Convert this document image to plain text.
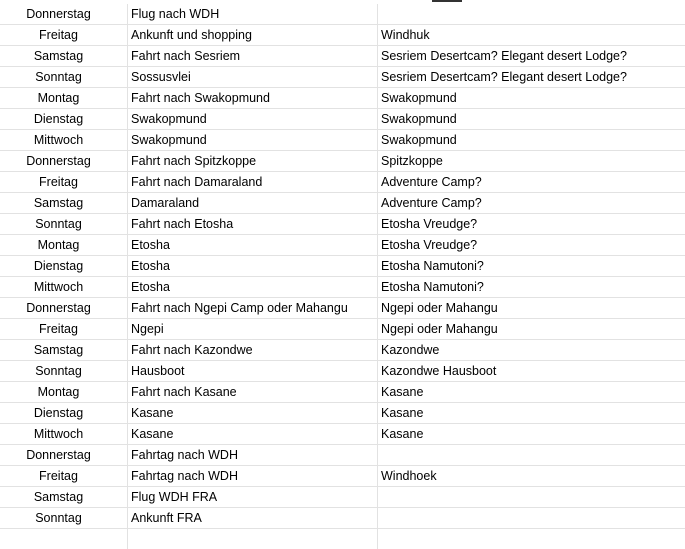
Donnerstag	Flug nach WDH
Freitag	Ankunft und shopping	Windhuk
Samstag	Fahrt nach Sesriem	Sesriem Desertcam? Elegant desert Lodge?
Sonntag	Sossusvlei	Sesriem Desertcam? Elegant desert Lodge?
Montag	Fahrt nach Swakopmund	Swakopmund
Dienstag	Swakopmund	Swakopmund
Mittwoch	Swakopmund	Swakopmund
Donnerstag	Fahrt nach Spitzkoppe	Spitzkoppe
Freitag	Fahrt nach Damaraland	Adventure Camp?
Samstag	Damaraland	Adventure Camp?
Sonntag	Fahrt nach Etosha	Etosha Vreudge?
Montag	Etosha	Etosha Vreudge?
Dienstag	Etosha	Etosha Namutoni?
Mittwoch	Etosha	Etosha Namutoni?
Donnerstag	Fahrt nach Ngepi Camp oder Mahangu	Ngepi oder Mahangu
Freitag	Ngepi	Ngepi oder Mahangu
Samstag	Fahrt nach Kazondwe	Kazondwe
Sonntag	Hausboot	Kazondwe Hausboot
Montag	Fahrt nach Kasane	Kasane
Dienstag	Kasane	Kasane
Mittwoch	Kasane	Kasane
Donnerstag	Fahrtag nach WDH
Freitag	Fahrtag nach WDH	Windhoek
Samstag	Flug WDH FRA
Sonntag	Ankunft FRA
